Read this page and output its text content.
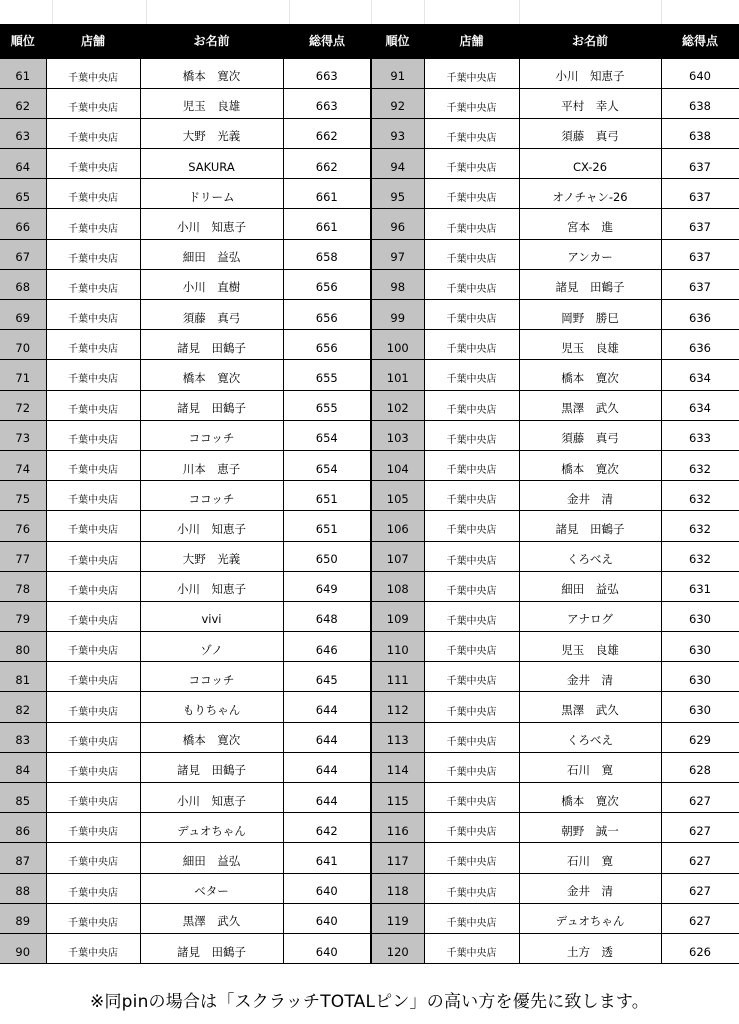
順位	店舗	お名前	総得点	順位	店舗	お名前	総得点
61	千葉中央店	橋本　寛次	663	91	千葉中央店	小川　知恵子	640
62	千葉中央店	児玉　良雄	663	92	千葉中央店	平村　幸人	638
63	千葉中央店	大野　光義	662	93	千葉中央店	須藤　真弓	638
64	千葉中央店	SAKURA	662	94	千葉中央店	CX-26	637
65	千葉中央店	ドリーム	661	95	千葉中央店	オノチャン-26	637
66	千葉中央店	小川　知恵子	661	96	千葉中央店	宮本　進	637
67	千葉中央店	細田　益弘	658	97	千葉中央店	アンカー	637
68	千葉中央店	小川　直樹	656	98	千葉中央店	諸見　田鶴子	637
69	千葉中央店	須藤　真弓	656	99	千葉中央店	岡野　勝巳	636
70	千葉中央店	諸見　田鶴子	656	100	千葉中央店	児玉　良雄	636
71	千葉中央店	橋本　寛次	655	101	千葉中央店	橋本　寛次	634
72	千葉中央店	諸見　田鶴子	655	102	千葉中央店	黒澤　武久	634
73	千葉中央店	ココッチ	654	103	千葉中央店	須藤　真弓	633
74	千葉中央店	川本　恵子	654	104	千葉中央店	橋本　寛次	632
75	千葉中央店	ココッチ	651	105	千葉中央店	金井　清	632
76	千葉中央店	小川　知恵子	651	106	千葉中央店	諸見　田鶴子	632
77	千葉中央店	大野　光義	650	107	千葉中央店	くろべえ	632
78	千葉中央店	小川　知恵子	649	108	千葉中央店	細田　益弘	631
79	千葉中央店	vivi	648	109	千葉中央店	アナログ	630
80	千葉中央店	ゾノ	646	110	千葉中央店	児玉　良雄	630
81	千葉中央店	ココッチ	645	111	千葉中央店	金井　清	630
82	千葉中央店	もりちゃん	644	112	千葉中央店	黒澤　武久	630
83	千葉中央店	橋本　寛次	644	113	千葉中央店	くろべえ	629
84	千葉中央店	諸見　田鶴子	644	114	千葉中央店	石川　寛	628
85	千葉中央店	小川　知恵子	644	115	千葉中央店	橋本　寛次	627
86	千葉中央店	デュオちゃん	642	116	千葉中央店	朝野　誠一	627
87	千葉中央店	細田　益弘	641	117	千葉中央店	石川　寛	627
88	千葉中央店	ベター	640	118	千葉中央店	金井　清	627
89	千葉中央店	黒澤　武久	640	119	千葉中央店	デュオちゃん	627
90	千葉中央店	諸見　田鶴子	640	120	千葉中央店	土方　透	626
※同pinの場合は「スクラッチTOTALピン」の高い方を優先に致します。
